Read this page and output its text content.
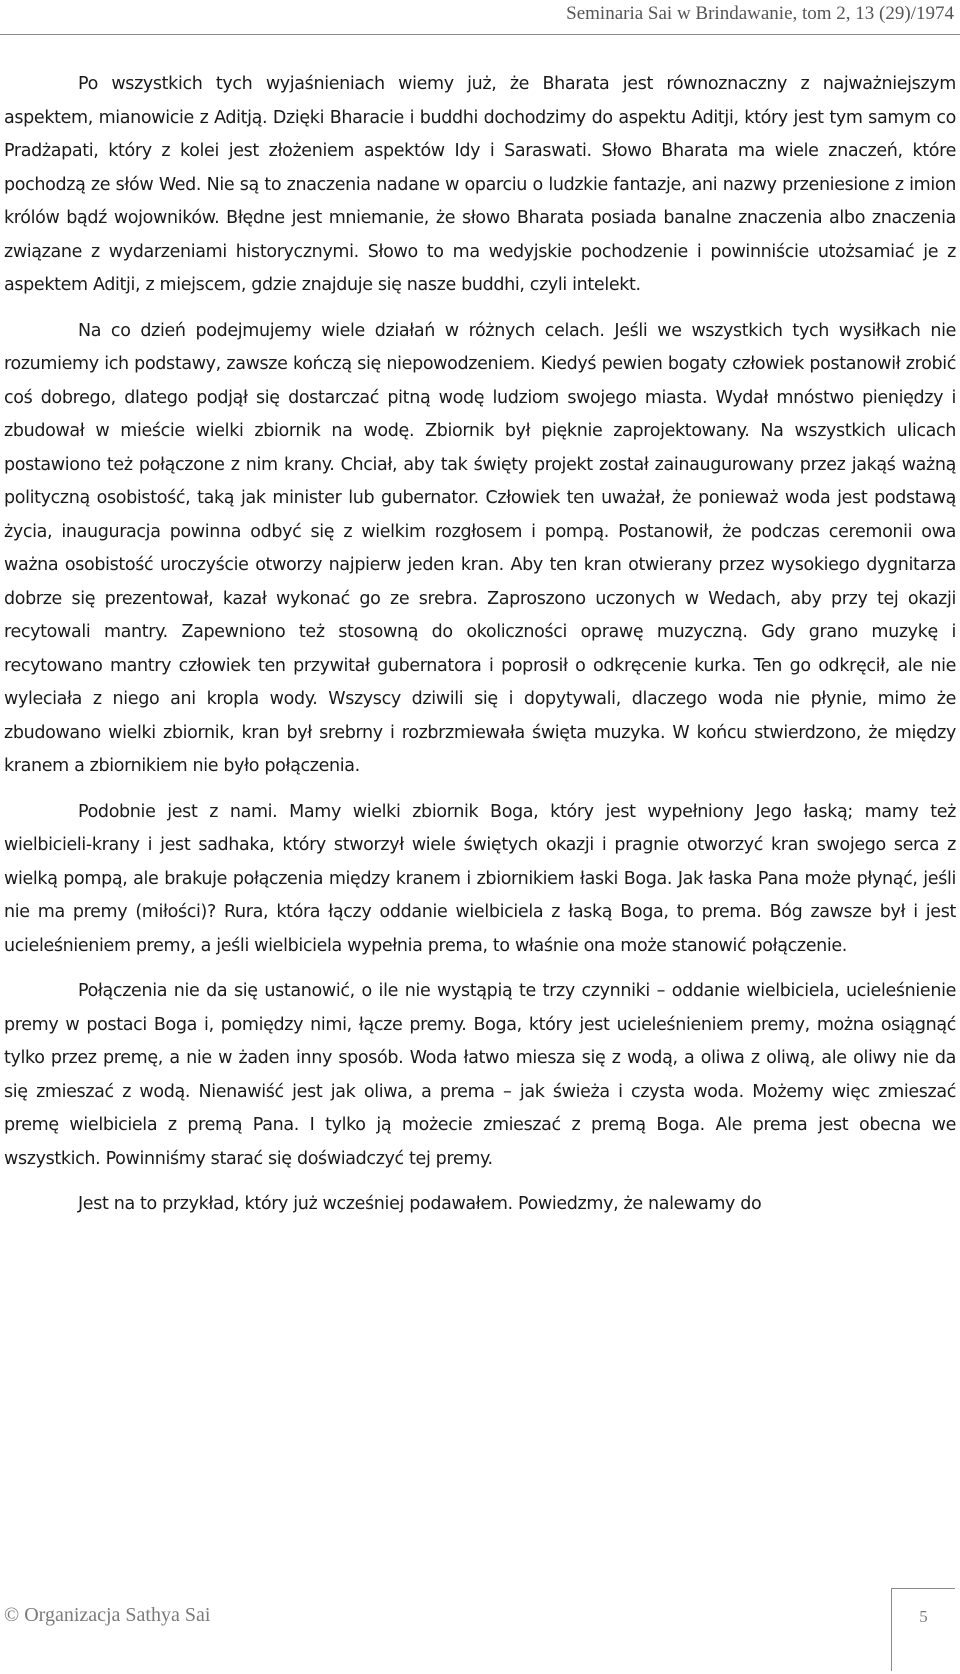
Seminaria Sai w Brindawanie, tom 2, 13 (29)/1974

Po wszystkich tych wyjaśnieniach wiemy już, że Bharata jest równoznaczny z najważniejszym aspektem, mianowicie z Aditją. Dzięki Bharacie i buddhi dochodzimy do aspektu Aditji, który jest tym samym co Pradżapati, który z kolei jest złożeniem aspektów Idy i Saraswati. Słowo Bharata ma wiele znaczeń, które pochodzą ze słów Wed. Nie są to znaczenia nadane w oparciu o ludzkie fantazje, ani nazwy przeniesione z imion królów bądź wojowników. Błędne jest mniemanie, że słowo Bharata posiada banalne znaczenia albo znaczenia związane z wydarzeniami historycznymi. Słowo to ma wedyjskie pochodzenie i powinniście utożsamiać je z aspektem Aditji, z miejscem, gdzie znajduje się nasze buddhi, czyli intelekt.

Na co dzień podejmujemy wiele działań w różnych celach. Jeśli we wszystkich tych wysiłkach nie rozumiemy ich podstawy, zawsze kończą się niepowodzeniem. Kiedyś pewien bogaty człowiek postanowił zrobić coś dobrego, dlatego podjął się dostarczać pitną wodę ludziom swojego miasta. Wydał mnóstwo pieniędzy i zbudował w mieście wielki zbiornik na wodę. Zbiornik był pięknie zaprojektowany. Na wszystkich ulicach postawiono też połączone z nim krany. Chciał, aby tak święty projekt został zainaugurowany przez jakąś ważną polityczną osobistość, taką jak minister lub gubernator. Człowiek ten uważał, że ponieważ woda jest podstawą życia, inauguracja powinna odbyć się z wielkim rozgłosem i pompą. Postanowił, że podczas ceremonii owa ważna osobistość uroczyście otworzy najpierw jeden kran. Aby ten kran otwierany przez wysokiego dygnitarza dobrze się prezentował, kazał wykonać go ze srebra. Zaproszono uczonych w Wedach, aby przy tej okazji recytowali mantry. Zapewniono też stosowną do okoliczności oprawę muzyczną. Gdy grano muzykę i recytowano mantry człowiek ten przywitał gubernatora i poprosił o odkręcenie kurka. Ten go odkręcił, ale nie wyleciała z niego ani kropla wody. Wszyscy dziwili się i dopytywali, dlaczego woda nie płynie, mimo że zbudowano wielki zbiornik, kran był srebrny i rozbrzmiewała święta muzyka. W końcu stwierdzono, że między kranem a zbiornikiem nie było połączenia.

Podobnie jest z nami. Mamy wielki zbiornik Boga, który jest wypełniony Jego łaską; mamy też wielbicieli-krany i jest sadhaka, który stworzył wiele świętych okazji i pragnie otworzyć kran swojego serca z wielką pompą, ale brakuje połączenia między kranem i zbiornikiem łaski Boga. Jak łaska Pana może płynąć, jeśli nie ma premy (miłości)? Rura, która łączy oddanie wielbiciela z łaską Boga, to prema. Bóg zawsze był i jest ucieleśnieniem premy, a jeśli wielbiciela wypełnia prema, to właśnie ona może stanowić połączenie.

Połączenia nie da się ustanowić, o ile nie wystąpią te trzy czynniki – oddanie wielbiciela, ucieleśnienie premy w postaci Boga i, pomiędzy nimi, łącze premy. Boga, który jest ucieleśnieniem premy, można osiągnąć tylko przez premę, a nie w żaden inny sposób. Woda łatwo miesza się z wodą, a oliwa z oliwą, ale oliwy nie da się zmieszać z wodą. Nienawiść jest jak oliwa, a prema – jak świeża i czysta woda. Możemy więc zmieszać premę wielbiciela z premą Pana. I tylko ją możecie zmieszać z premą Boga. Ale prema jest obecna we wszystkich. Powinniśmy starać się doświadczyć tej premy.

Jest na to przykład, który już wcześniej podawałem. Powiedzmy, że nalewamy do

© Organizacja Sathya Sai	5
